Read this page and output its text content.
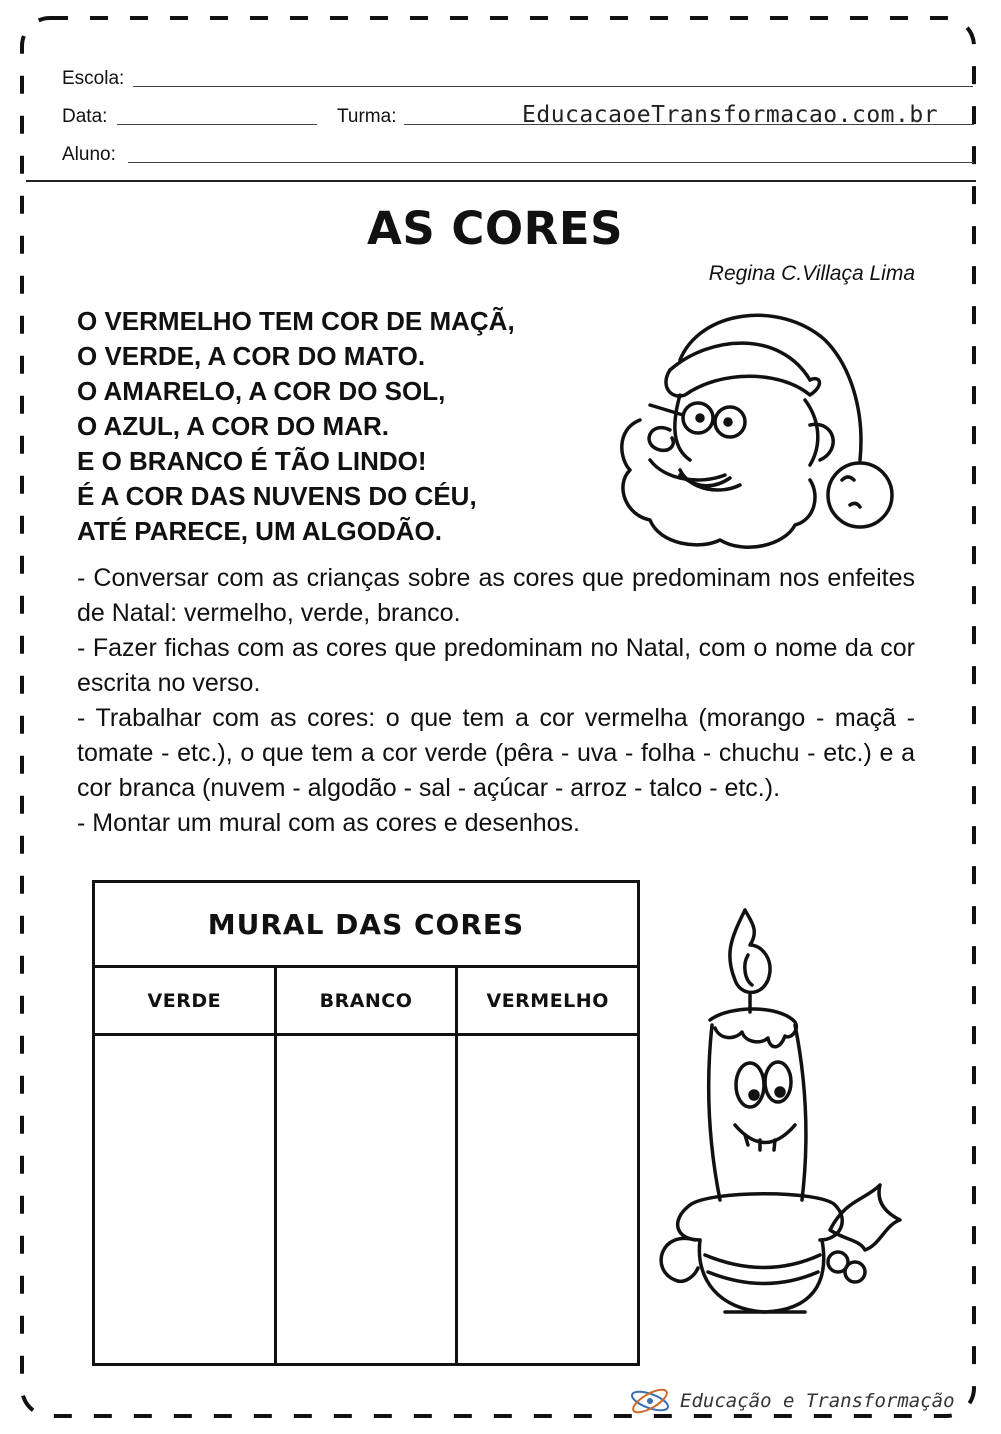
Escola:
Data:	Turma:	EducacaoeTransformacao.com.br
Aluno:
AS CORES
Regina C.Villaça Lima
O VERMELHO TEM COR DE MAÇÃ,
O VERDE, A COR DO MATO.
O AMARELO, A COR DO SOL,
O AZUL, A COR DO MAR.
E O BRANCO É TÃO LINDO!
É A COR DAS NUVENS DO CÉU,
ATÉ PARECE, UM ALGODÃO.

- Conversar com as crianças sobre as cores que predominam nos enfeites de Natal: vermelho, verde, branco.

- Fazer fichas com as cores que predominam no Natal, com o nome da cor escrita no verso.

- Trabalhar com as cores: o que tem a cor vermelha (morango - maçã - tomate - etc.), o que tem a cor verde (pêra - uva - folha - chuchu - etc.) e a cor branca (nuvem - algodão - sal - açúcar - arroz - talco - etc.).

- Montar um mural com as cores e desenhos.

MURAL DAS CORES
VERDE	BRANCO	VERMELHO
Educação e Transformação
